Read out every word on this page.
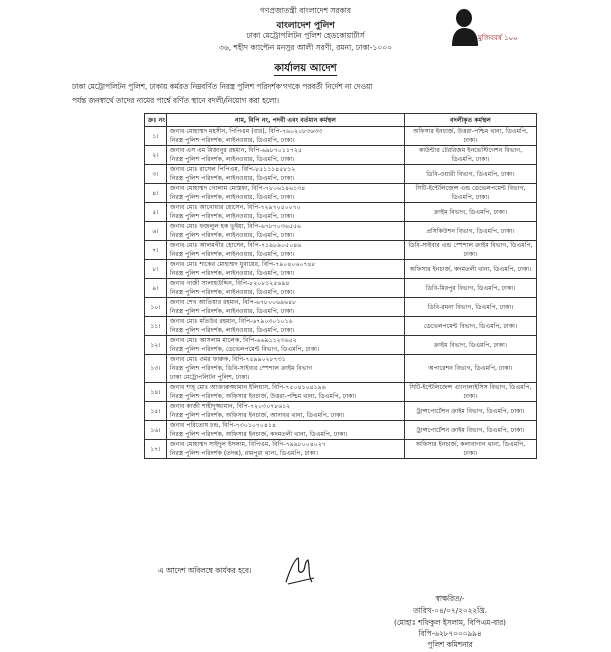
গণপ্রজাতন্ত্রী বাংলাদেশ সরকার
বাংলাদেশ পুলিশ
ঢাকা মেট্রোপলিটন পুলিশ হেডকোয়ার্টার্স
৩৬, শহীদ ক্যাপ্টেন মনসুর আলী সরণী, রমনা, ঢাকা-১০০০
মুজিববর্ষ ১০০
কার্যালয় আদেশ

ঢাকা মেট্রোপলিটন পুলিশ, ঢাকায় কর্মরত নিম্নবর্ণিত নিরস্ত্র পুলিশ পরিদর্শক'গণকে পরবর্তী নির্দেশ না দেওয়া

পর্যন্ত জনস্বার্থে তাদের নামের পার্শ্বে বর্ণিত স্থানে বদলী/নিয়োগ করা হলো।

ক্রঃ নং	নাম, বিপি নং, পদবী এবং বর্তমান কর্মস্থল	বদলীকৃত কর্মস্থল
১।	জনাব মোহাম্মদ মহসীন, পিপিএম (বার), বিপি-৭৬০২০৮৩৬৩৩
নিরস্ত্র পুলিশ পরিদর্শক, লাইনওয়ার, ডিএমপি, ঢাকা।	অফিসার ইনচার্জ, উত্তরা-পশ্চিম থানা, ডিএমপি, ঢাকা।
২।	জনাব এস এম মিজানুর রহমান, বিপি-৬৯৮৭০১১৭২৫
নিরস্ত্র পুলিশ পরিদর্শক, লাইনওয়ার, ডিএমপি, ঢাকা।	কাউন্টার টেররিজম ইনভেস্টিগেশন বিভাগ, ডিএমপি, ঢাকা।
৩।	জনাব মোঃ রাসেল পিপিএম, বিপি-৮৫১১১৪৫৮১২
নিরস্ত্র পুলিশ পরিদর্শক, লাইনওয়ার, ডিএমপি, ঢাকা।	ডিবি-ওয়ারী বিভাগ, ডিএমপি, ঢাকা।
৪।	জনাব মোহাম্মদ গোলাম মোস্তফা, বিপি-৭৮০৬১৪৬১৩৪
নিরস্ত্র পুলিশ পরিদর্শক, লাইনওয়ার, ডিএমপি, ঢাকা।	সিটি-ইন্টেলিজেন্স এন্ড ডেভেলপমেন্ট বিভাগ, ডিএমপি, ঢাকা।
৫।	জনাব মোঃ আনোয়ার হোসেন, বিপি-৭২৯৭০৫০০৭০
নিরস্ত্র পুলিশ পরিদর্শক, লাইনওয়ার, ডিএমপি, ঢাকা।	ক্রাইম বিভাগ, ডিএমপি, ঢাকা।
৬।	জনাব মোঃ ফজলুল হক ভুইয়া, বিপি-৬৭৮৭০৩৬৫৫৬
নিরস্ত্র পুলিশ পরিদর্শক, লাইনওয়ার, ডিএমপি, ঢাকা।	প্রসিকিউশন বিভাগ, ডিএমপি, ঢাকা।
৭।	জনাব মোঃ আলমগীর হোসেন, বিপি-৭১৯৮৯০৫০৪৬
নিরস্ত্র পুলিশ পরিদর্শক, লাইনওয়ার, ডিএমপি, ঢাকা।	ডিবি-সাইবার এন্ড স্পেশাল ক্রাইম বিভাগ, ডিএমপি, ঢাকা।
৮।	জনাব মোঃ শাকের মোহাম্মদ যুবায়ের, বিপি-৭৯০৪০৬০৭৪৮
নিরস্ত্র পুলিশ পরিদর্শক, লাইনওয়ার, ডিএমপি, ঢাকা।	অফিসার ইনচার্জ, কদমতলী থানা, ডিএমপি, ঢাকা।
৯।	জনাব গাজী সালাহউদ্দিন, বিপি-৮২০৮১২৫৬৯৪
নিরস্ত্র পুলিশ পরিদর্শক, লাইনওয়ার, ডিএমপি, ঢাকা।	ডিবি-মিরপুর বিভাগ, ডিএমপি, ঢাকা।
১০।	জনাব শেখ আতিয়ার রহমান, বিপি-৬৭৮০০৬৯৬৪৮
নিরস্ত্র পুলিশ পরিদর্শক, লাইনওয়ার, ডিএমপি, ঢাকা।	ডিবি-রমনা বিভাগ, ডিএমপি, ঢাকা।
১১।	জনাব মোঃ মতিউর রহমান, বিপি-৬৭৯০৩০১০১৬
নিরস্ত্র পুলিশ পরিদর্শক, লাইনওয়ার, ডিএমপি, ঢাকা।	ডেভেলপমেন্ট বিভাগ, ডিএমপি, ঢাকা।
১২।	জনাব মোঃ আসলাম মালেক, বিপি-৬৬৯১১২৩৬৫২
নিরস্ত্র পুলিশ পরিদর্শক, ডেভেলপমেন্ট বিভাগ, ডিএমপি, ঢাকা।	ক্রাইম বিভাগ, ডিএমপি, ঢাকা।
১৩।	জনাব মোঃ ওমর ফারুক, বিপি-৭৫৯৯০২৮৭৩১
নিরস্ত্র পুলিশ পরিদর্শক, ডিবি-সাইবার স্পেশাল ক্রাইম বিভাগ
ঢাকা মেট্রোপলিটন পুলিশ, ঢাকা।	অপারেশন বিভাগ, ডিএমপি, ঢাকা।
১৪।	জনাব শাহ্ মোঃ আক্তারুজ্জামান ইলিয়াস, বিপি-৭৫০৪১০৪১৯৬
নিরস্ত্র পুলিশ পরিদর্শক, অফিসার ইনচার্জ, উত্তরা-পশ্চিম থানা, ডিএমপি, ঢাকা।	সিটি-ইন্টেলিজেন্স এ্যানালাইসিস বিভাগ, ডিএমপি, ঢাকা।
১৫।	জনাব কাজী শাহীদুজ্জামান, বিপি-৭২০৩০৭৮৬১২
নিরস্ত্র পুলিশ পরিদর্শক, অফিসার ইনচার্জ, আদাবর থানা, ডিএমপি, ঢাকা।	ট্রান্সপোর্টেশন ক্রাইম বিভাগ, ডিএমপি, ঢাকা।
১৬।	জনাব পরিতোষ চন্দ্র, বিপি-৭৩০১০৭০৪১৪
নিরস্ত্র পুলিশ পরিদর্শক, অফিসার ইনচার্জ, কদমতলী থানা, ডিএমপি, ঢাকা।	ট্রান্সপোর্টেশন ক্রাইম বিভাগ, ডিএমপি, ঢাকা।
১৭।	জনাব মোহাম্মদ সাইদুল ইসলাম, বিপিএম, বিপি-৭৯৯৮০০৪০২৭
নিরস্ত্র পুলিশ পরিদর্শক (তদন্ত), রামপুরা থানা, ডিএমপি, ঢাকা।	অফিসার ইনচার্জ, কলাবাগান থানা, ডিএমপি, ঢাকা।
এ আদেশ অবিলম্বে কার্যকর হবে।
স্বাক্ষরিত/-
তারিখ-০৪/০৭/২০২২খ্রি.
(মোহাঃ শফিকুল ইসলাম, বিপিএম-বার)
বিপি-৬২৮৭০০০৯৯৪
পুলিশ কমিশনার
